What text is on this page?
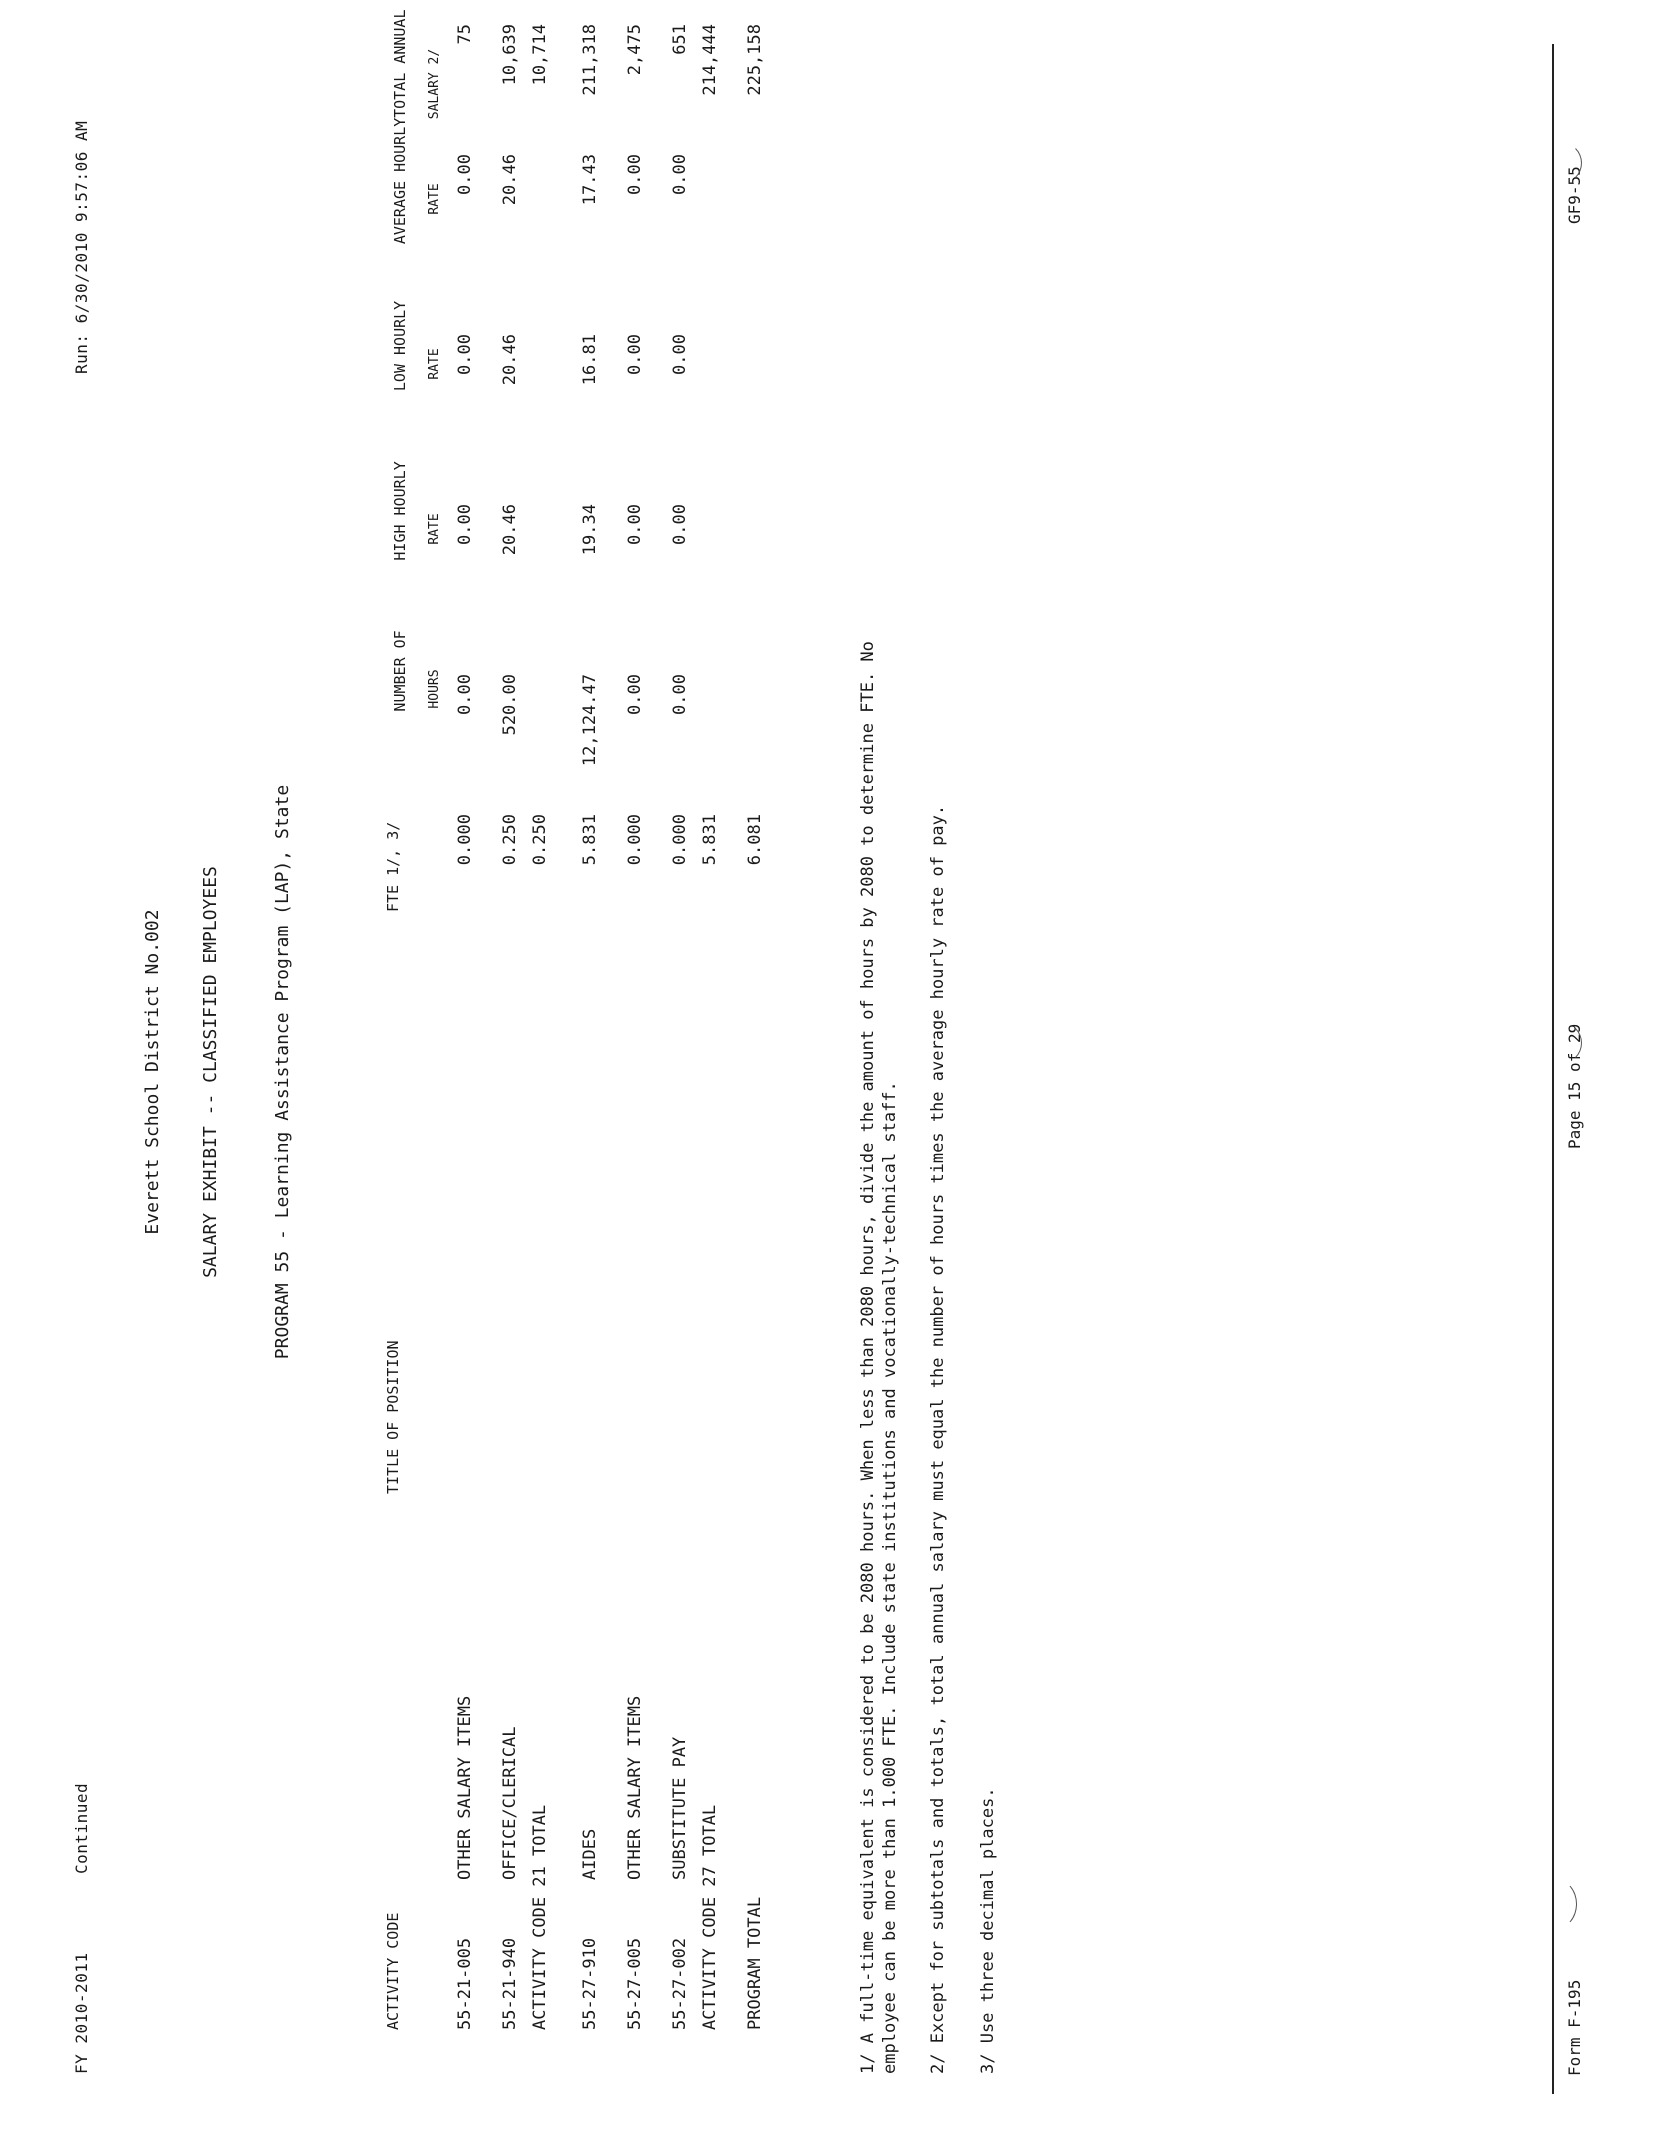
FY 2010-2011
Continued
Run: 6/30/2010 9:57:06 AM
Everett School District No.002 SALARY EXHIBIT -- CLASSIFIED EMPLOYEES	PROGRAM 55 - Learning Assistance Program (LAP), State
ACTIVITY CODE
TITLE OF POSITION
FTE 1/, 3/

NUMBER OF
HOURS

HIGH HOURLY
RATE

LOW HOURLY
RATE

AVERAGE HOURLY
RATE

TOTAL ANNUAL
SALARY 2/

55-21-005
OTHER SALARY ITEMS
0.000
0.00
0.00
0.00
0.00
75
55-21-940
OFFICE/CLERICAL
0.250
520.00
20.46
20.46
20.46
10,639
ACTIVITY CODE 21 TOTAL
0.250
10,714
55-27-910
AIDES
5.831
12,124.47
19.34
16.81
17.43
211,318
55-27-005
OTHER SALARY ITEMS
0.000
0.00
0.00
0.00
0.00
2,475
55-27-002
SUBSTITUTE PAY
0.000
0.00
0.00
0.00
0.00
651
ACTIVITY CODE 27 TOTAL
5.831
214,444
PROGRAM TOTAL
6.081
225,158
1/ A full-time equivalent is considered to be 2080 hours. When less than 2080 hours, divide the amount of hours by 2080 to determine FTE. No employee can be more than 1.000 FTE. Include state institutions and vocationally-technical staff. 2/ Except for subtotals and totals, total annual salary must equal the number of hours times the average hourly rate of pay. 3/ Use three decimal places.	Form F-195
Page 15 of 29
GF9-55
